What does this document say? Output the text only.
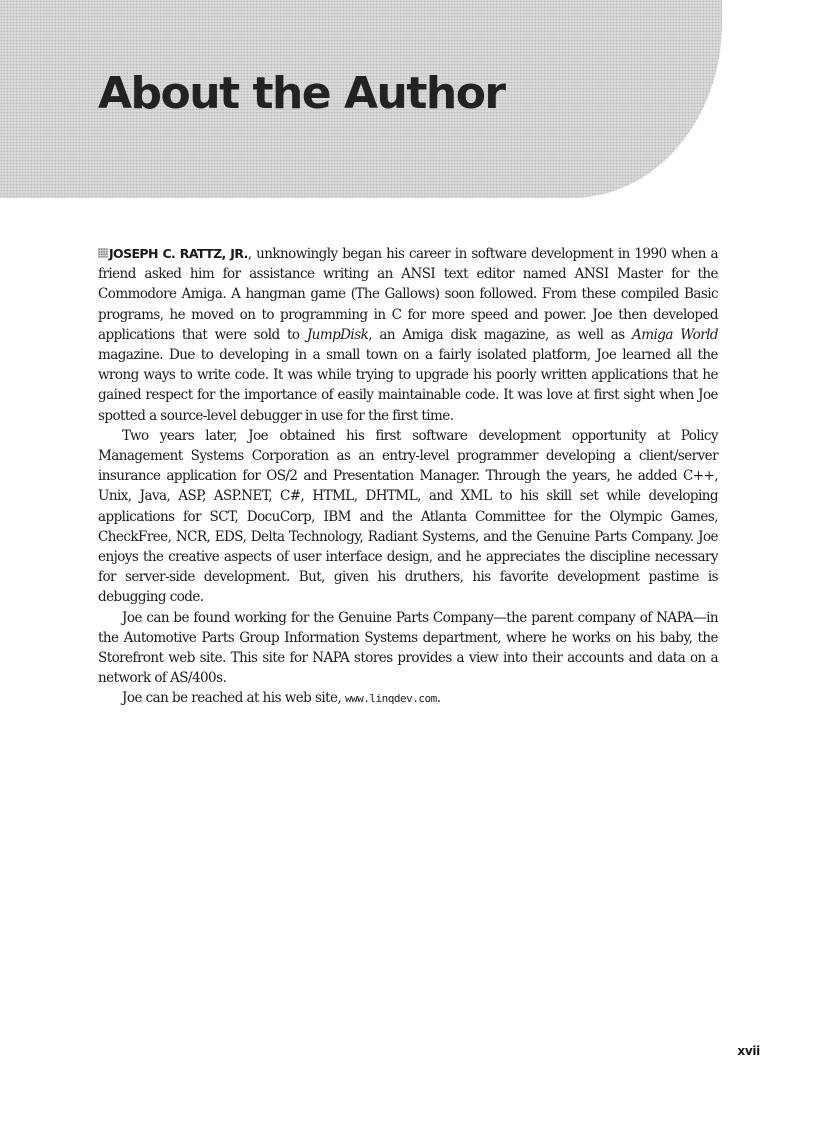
About the Author

JOSEPH C. RATTZ, JR., unknowingly began his career in software development in 1990 when a friend asked him for assistance writing an ANSI text editor named ANSI Master for the Commodore Amiga. A hangman game (The Gallows) soon followed. From these compiled Basic programs, he moved on to programming in C for more speed and power. Joe then developed applications that were sold to JumpDisk, an Amiga disk magazine, as well as Amiga World magazine. Due to developing in a small town on a fairly isolated platform, Joe learned all the wrong ways to write code. It was while trying to upgrade his poorly written applications that he gained respect for the importance of easily maintainable code. It was love at first sight when Joe spotted a source-level debugger in use for the first time.

Two years later, Joe obtained his first software development opportunity at Policy Management Systems Corporation as an entry-level programmer developing a client/server insurance application for OS/2 and Presentation Manager. Through the years, he added C++, Unix, Java, ASP, ASP.NET, C#, HTML, DHTML, and XML to his skill set while developing applications for SCT, DocuCorp, IBM and the Atlanta Committee for the Olympic Games, CheckFree, NCR, EDS, Delta Technology, Radiant Systems, and the Genuine Parts Company. Joe enjoys the creative aspects of user interface design, and he appreciates the discipline necessary for server-side development. But, given his druthers, his favorite development pastime is debugging code.

Joe can be found working for the Genuine Parts Company—the parent company of NAPA—in the Automotive Parts Group Information Systems department, where he works on his baby, the Storefront web site. This site for NAPA stores provides a view into their accounts and data on a network of AS/400s.

Joe can be reached at his web site, www.linqdev.com.

xvii
